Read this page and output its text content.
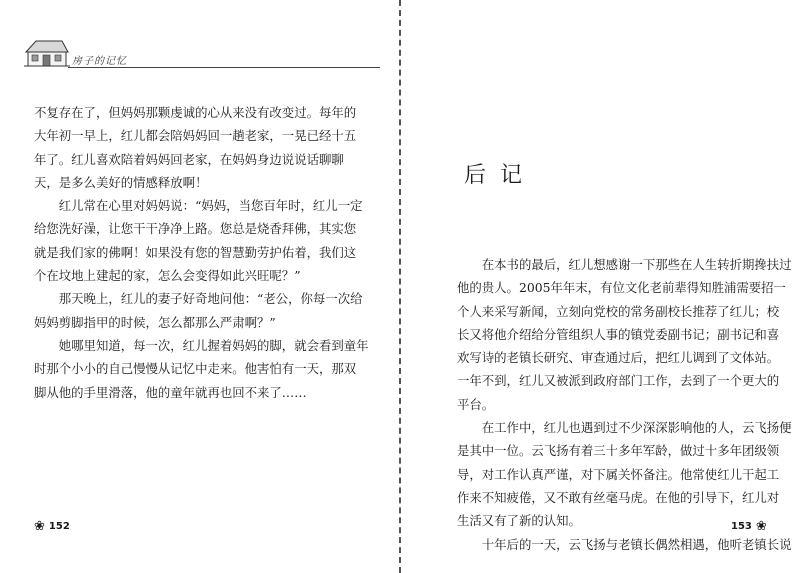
房子的记忆

不复存在了，但妈妈那颗虔诚的心从来没有改变过。每年的

大年初一早上，红儿都会陪妈妈回一趟老家，一晃已经十五

年了。红儿喜欢陪着妈妈回老家，在妈妈身边说说话聊聊

天，是多么美好的情感释放啊！

　　红儿常在心里对妈妈说：“妈妈，当您百年时，红儿一定

给您洗好澡，让您干干净净上路。您总是烧香拜佛，其实您

就是我们家的佛啊！如果没有您的智慧勤劳护佑着，我们这

个在坟地上建起的家，怎么会变得如此兴旺呢？”

　　那天晚上，红儿的妻子好奇地问他：“老公，你每一次给

妈妈剪脚指甲的时候，怎么都那么严肃啊？”

　　她哪里知道，每一次，红儿握着妈妈的脚，就会看到童年

时那个小小的自己慢慢从记忆中走来。他害怕有一天，那双

脚从他的手里滑落，他的童年就再也回不来了……

❀ 152
后记

　　在本书的最后，红儿想感谢一下那些在人生转折期搀扶过

他的贵人。2005年年末，有位文化老前辈得知胜浦需要招一

个人来采写新闻，立刻向党校的常务副校长推荐了红儿；校

长又将他介绍给分管组织人事的镇党委副书记；副书记和喜

欢写诗的老镇长研究、审查通过后，把红儿调到了文体站。

一年不到，红儿又被派到政府部门工作，去到了一个更大的

平台。

　　在工作中，红儿也遇到过不少深深影响他的人，云飞扬便

是其中一位。云飞扬有着三十多年军龄，做过十多年团级领

导，对工作认真严谨，对下属关怀备注。他常使红儿干起工

作来不知疲倦，又不敢有丝毫马虎。在他的引导下，红儿对

生活又有了新的认知。

　　十年后的一天，云飞扬与老镇长偶然相遇，他听老镇长说

153 ❀
